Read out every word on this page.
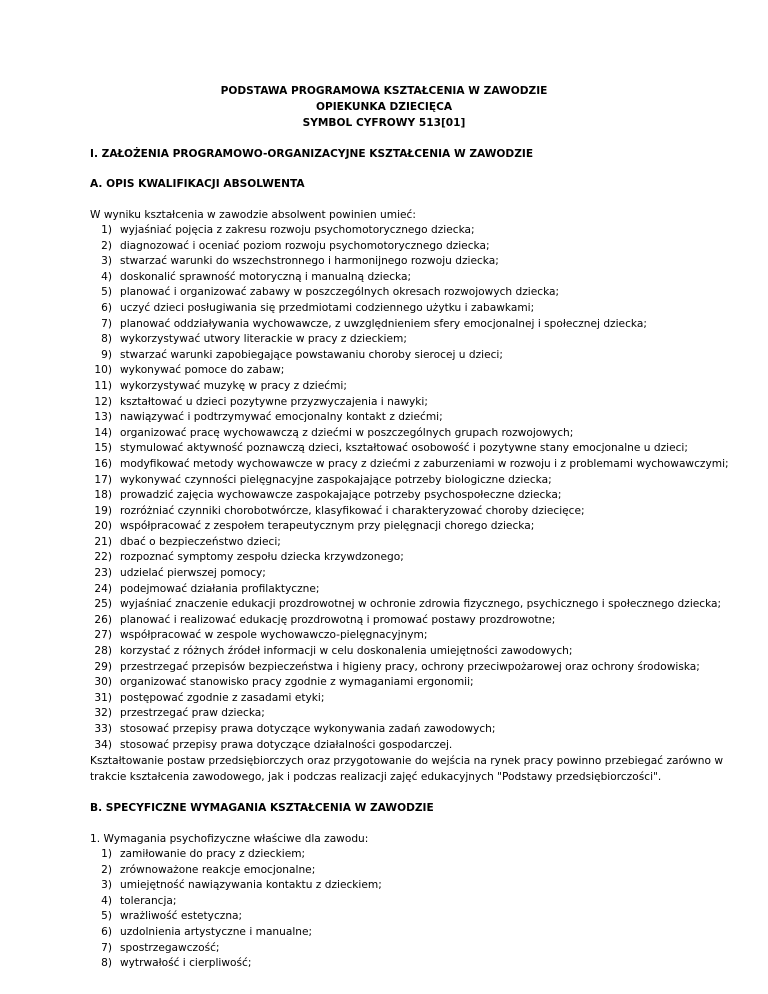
PODSTAWA PROGRAMOWA KSZTAŁCENIA W ZAWODZIE
OPIEKUNKA DZIECIĘCA
SYMBOL CYFROWY 513[01]
I. ZAŁOŻENIA PROGRAMOWO-ORGANIZACYJNE KSZTAŁCENIA W ZAWODZIE
A. OPIS KWALIFIKACJI ABSOLWENTA
W wyniku kształcenia w zawodzie absolwent powinien umieć:
1) wyjaśniać pojęcia z zakresu rozwoju psychomotorycznego dziecka;
2) diagnozować i oceniać poziom rozwoju psychomotorycznego dziecka;
3) stwarzać warunki do wszechstronnego i harmonijnego rozwoju dziecka;
4) doskonalić sprawność motoryczną i manualną dziecka;
5) planować i organizować zabawy w poszczególnych okresach rozwojowych dziecka;
6) uczyć dzieci posługiwania się przedmiotami codziennego użytku i zabawkami;
7) planować oddziaływania wychowawcze, z uwzględnieniem sfery emocjonalnej i społecznej dziecka;
8) wykorzystywać utwory literackie w pracy z dzieckiem;
9) stwarzać warunki zapobiegające powstawaniu choroby sierocej u dzieci;
10) wykonywać pomoce do zabaw;
11) wykorzystywać muzykę w pracy z dziećmi;
12) kształtować u dzieci pozytywne przyzwyczajenia i nawyki;
13) nawiązywać i podtrzymywać emocjonalny kontakt z dziećmi;
14) organizować pracę wychowawczą z dziećmi w poszczególnych grupach rozwojowych;
15) stymulować aktywność poznawczą dzieci, kształtować osobowość i pozytywne stany emocjonalne u dzieci;
16) modyfikować metody wychowawcze w pracy z dziećmi z zaburzeniami w rozwoju i z problemami wychowawczymi;
17) wykonywać czynności pielęgnacyjne zaspokajające potrzeby biologiczne dziecka;
18) prowadzić zajęcia wychowawcze zaspokajające potrzeby psychospołeczne dziecka;
19) rozróżniać czynniki chorobotwórcze, klasyfikować i charakteryzować choroby dziecięce;
20) współpracować z zespołem terapeutycznym przy pielęgnacji chorego dziecka;
21) dbać o bezpieczeństwo dzieci;
22) rozpoznać symptomy zespołu dziecka krzywdzonego;
23) udzielać pierwszej pomocy;
24) podejmować działania profilaktyczne;
25) wyjaśniać znaczenie edukacji prozdrowotnej w ochronie zdrowia fizycznego, psychicznego i społecznego dziecka;
26) planować i realizować edukację prozdrowotną i promować postawy prozdrowotne;
27) współpracować w zespole wychowawczo-pielęgnacyjnym;
28) korzystać z różnych źródeł informacji w celu doskonalenia umiejętności zawodowych;
29) przestrzegać przepisów bezpieczeństwa i higieny pracy, ochrony przeciwpożarowej oraz ochrony środowiska;
30) organizować stanowisko pracy zgodnie z wymaganiami ergonomii;
31) postępować zgodnie z zasadami etyki;
32) przestrzegać praw dziecka;
33) stosować przepisy prawa dotyczące wykonywania zadań zawodowych;
34) stosować przepisy prawa dotyczące działalności gospodarczej.
Kształtowanie postaw przedsiębiorczych oraz przygotowanie do wejścia na rynek pracy powinno przebiegać zarówno w
trakcie kształcenia zawodowego, jak i podczas realizacji zajęć edukacyjnych "Podstawy przedsiębiorczości".
B. SPECYFICZNE WYMAGANIA KSZTAŁCENIA W ZAWODZIE
1. Wymagania psychofizyczne właściwe dla zawodu:
1) zamiłowanie do pracy z dzieckiem;
2) zrównoważone reakcje emocjonalne;
3) umiejętność nawiązywania kontaktu z dzieckiem;
4) tolerancja;
5) wrażliwość estetyczna;
6) uzdolnienia artystyczne i manualne;
7) spostrzegawczość;
8) wytrwałość i cierpliwość;
